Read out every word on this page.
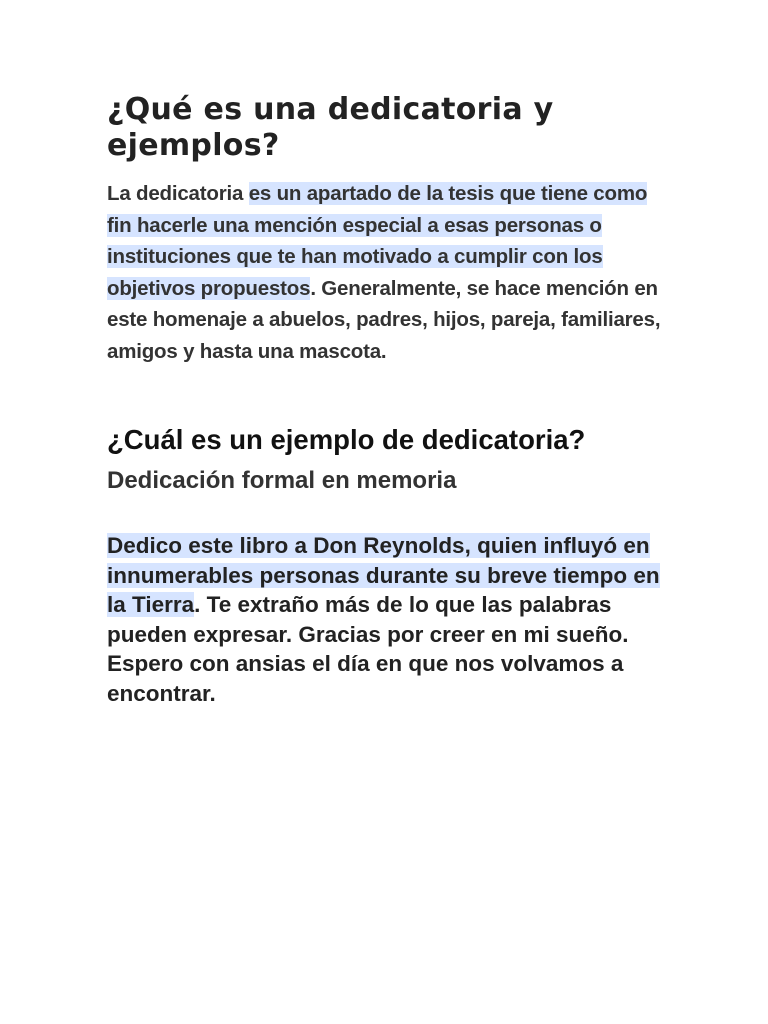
¿Qué es una dedicatoria y ejemplos?

La dedicatoria es un apartado de la tesis que tiene como fin hacerle una mención especial a esas personas o instituciones que te han motivado a cumplir con los objetivos propuestos. Generalmente, se hace mención en este homenaje a abuelos, padres, hijos, pareja, familiares, amigos y hasta una mascota.

¿Cuál es un ejemplo de dedicatoria?
Dedicación formal en memoria

Dedico este libro a Don Reynolds, quien influyó en innumerables personas durante su breve tiempo en la Tierra. Te extraño más de lo que las palabras pueden expresar. Gracias por creer en mi sueño. Espero con ansias el día en que nos volvamos a encontrar.
